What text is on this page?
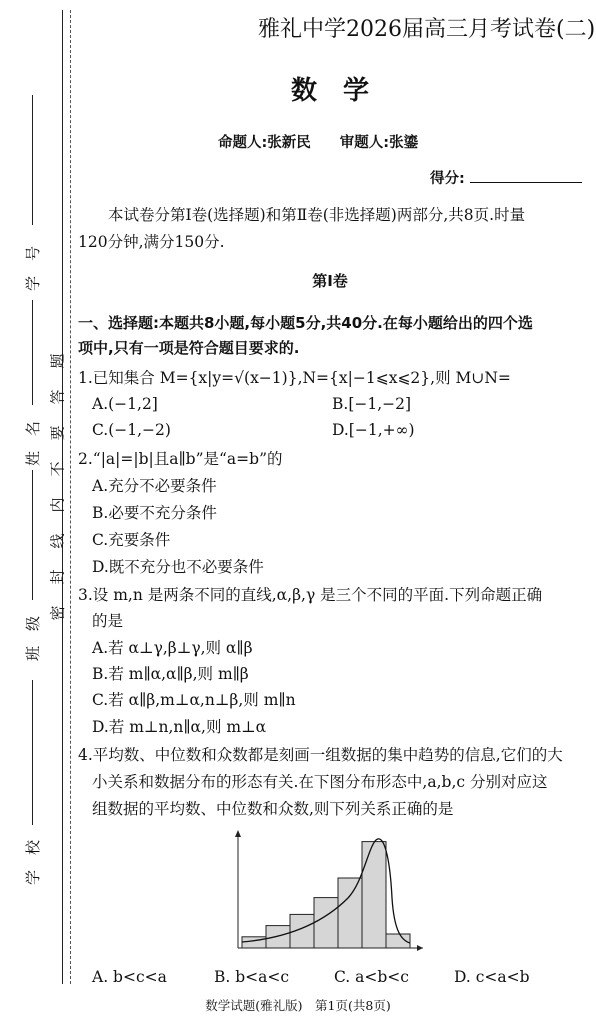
学　号
姓　名
班　级
学　校
密　封　线　内　不　要　答　题
雅礼中学2026届高三月考试卷(二)
数　学
命题人:张新民　　审题人:张鎏
得分:
本试卷分第Ⅰ卷(选择题)和第Ⅱ卷(非选择题)两部分,共8页.时量
120分钟,满分150分.
第Ⅰ卷
一、选择题:本题共8小题,每小题5分,共40分.在每小题给出的四个选
项中,只有一项是符合题目要求的.
1.已知集合 M={x|y=√(x−1)},N={x|−1⩽x⩽2},则 M∪N=
A.(−1,2]	B.[−1,−2]
C.(−1,−2)	D.[−1,+∞)
2.“|a|=|b|且a∥b”是“a=b”的
A.充分不必要条件
B.必要不充分条件
C.充要条件
D.既不充分也不必要条件
3.设 m,n 是两条不同的直线,α,β,γ 是三个不同的平面.下列命题正确
的是
A.若 α⊥γ,β⊥γ,则 α∥β
B.若 m∥α,α∥β,则 m∥β
C.若 α∥β,m⊥α,n⊥β,则 m∥n
D.若 m⊥n,n∥α,则 m⊥α
4.平均数、中位数和众数都是刻画一组数据的集中趋势的信息,它们的大
小关系和数据分布的形态有关.在下图分布形态中,a,b,c 分别对应这
组数据的平均数、中位数和众数,则下列关系正确的是
A. b<c<a	B. b<a<c	C. a<b<c	D. c<a<b
数学试题(雅礼版)　第1页(共8页)
